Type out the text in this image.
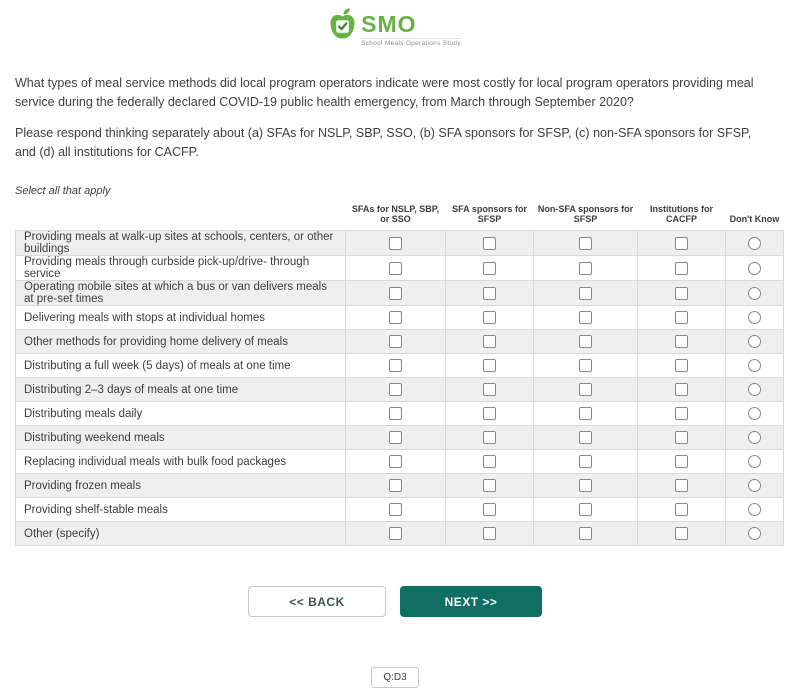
SMO
School Meals Operations Study

What types of meal service methods did local program operators indicate were most costly for local program operators providing meal service during the federally declared COVID-19 public health emergency, from March through September 2020?

Please respond thinking separately about (a) SFAs for NSLP, SBP, SSO, (b) SFA sponsors for SFSP, (c) non-SFA sponsors for SFSP, and (d) all institutions for CACFP.

Select all that apply
	SFAs for NSLP, SBP, or SSO	SFA sponsors for SFSP	Non-SFA sponsors for SFSP	Institutions for CACFP	Don't Know
Providing meals at walk-up sites at schools, centers, or other buildings	

Providing meals through curbside pick-up/drive- through service	

Operating mobile sites at which a bus or van delivers meals at pre-set times	

Delivering meals with stops at individual homes	

Other methods for providing home delivery of meals	

Distributing a full week (5 days) of meals at one time	

Distributing 2–3 days of meals at one time	

Distributing meals daily	

Distributing weekend meals	

Replacing individual meals with bulk food packages	

Providing frozen meals	

Providing shelf-stable meals	

Other (specify)	

<< BACK	NEXT >>
Q:D3
